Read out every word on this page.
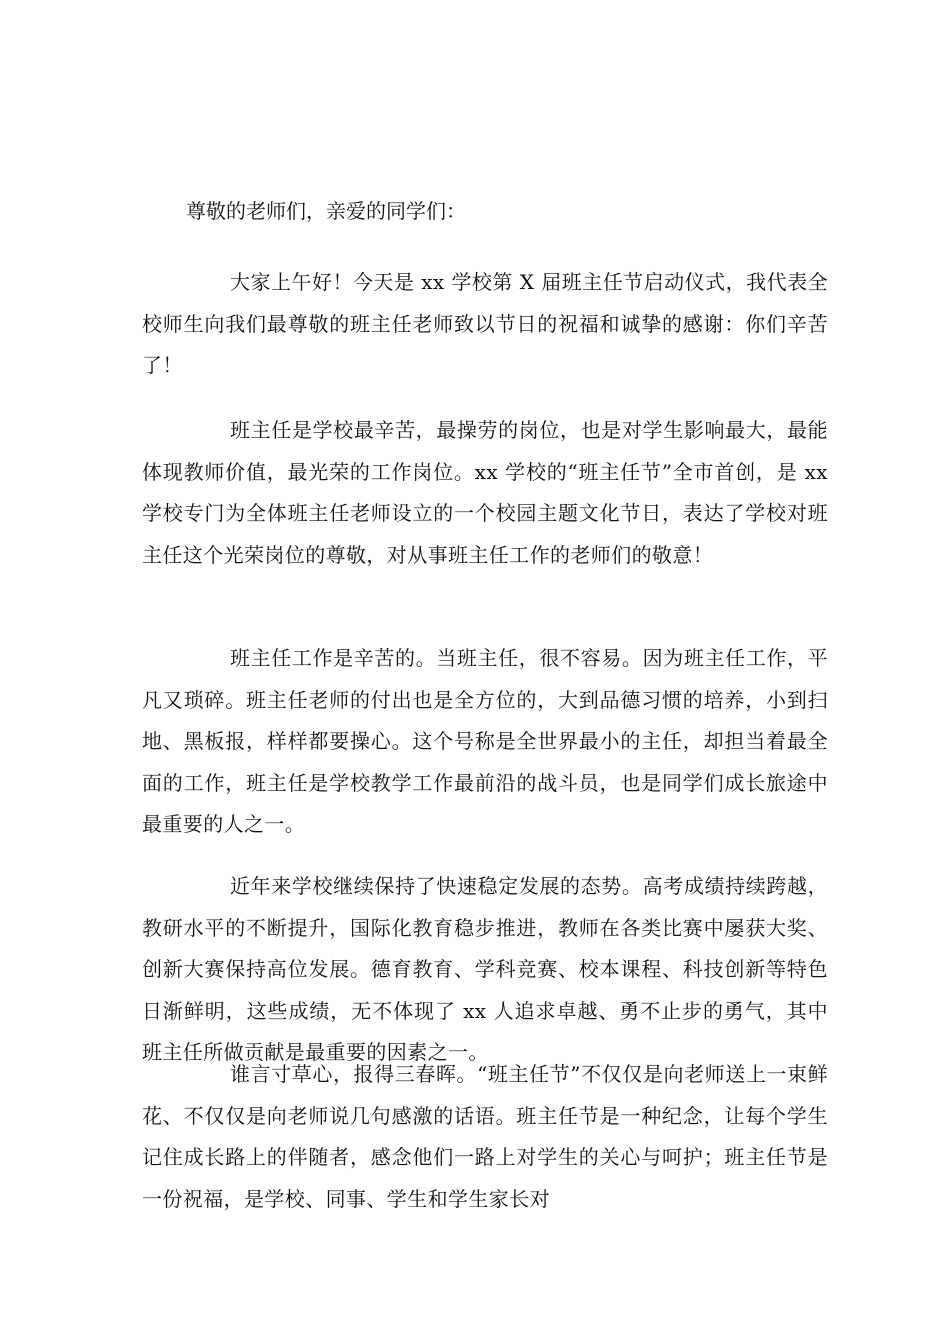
尊敬的老师们，亲爱的同学们：

大家上午好！今天是 xx 学校第 X 届班主任节启动仪式，我代表全校师生向我们最尊敬的班主任老师致以节日的祝福和诚挚的感谢：你们辛苦了！

班主任是学校最辛苦，最操劳的岗位，也是对学生影响最大，最能体现教师价值，最光荣的工作岗位。xx 学校的“班主任节”全市首创，是 xx 学校专门为全体班主任老师设立的一个校园主题文化节日，表达了学校对班主任这个光荣岗位的尊敬，对从事班主任工作的老师们的敬意！

班主任工作是辛苦的。当班主任，很不容易。因为班主任工作，平凡又琐碎。班主任老师的付出也是全方位的，大到品德习惯的培养，小到扫地、黑板报，样样都要操心。这个号称是全世界最小的主任，却担当着最全面的工作，班主任是学校教学工作最前沿的战斗员，也是同学们成长旅途中最重要的人之一。

近年来学校继续保持了快速稳定发展的态势。高考成绩持续跨越，教研水平的不断提升，国际化教育稳步推进，教师在各类比赛中屡获大奖、创新大赛保持高位发展。德育教育、学科竞赛、校本课程、科技创新等特色日渐鲜明，这些成绩，无不体现了 xx 人追求卓越、勇不止步的勇气，其中班主任所做贡献是最重要的因素之一。

谁言寸草心，报得三春晖。“班主任节”不仅仅是向老师送上一束鲜花、不仅仅是向老师说几句感激的话语。班主任节是一种纪念，让每个学生记住成长路上的伴随者，感念他们一路上对学生的关心与呵护；班主任节是一份祝福，是学校、同事、学生和学生家长对
